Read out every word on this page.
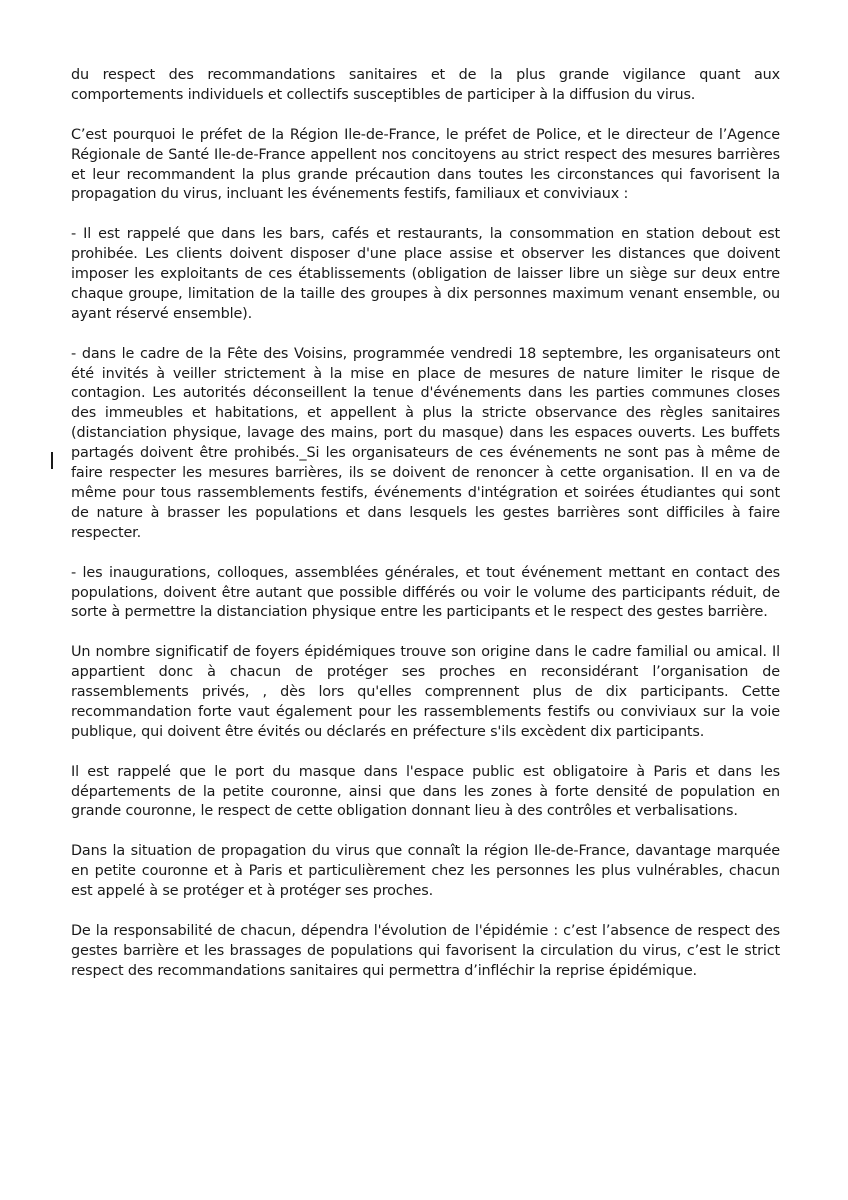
du respect des recommandations sanitaires et de la plus grande vigilance quant aux comportements individuels et collectifs susceptibles de participer à la diffusion du virus.

C’est pourquoi le préfet de la Région Ile-de-France, le préfet de Police, et le directeur de l’Agence Régionale de Santé Ile-de-France appellent nos concitoyens au strict respect des mesures barrières et leur recommandent la plus grande précaution dans toutes les circonstances qui favorisent la propagation du virus, incluant les événements festifs, familiaux et conviviaux :

- Il est rappelé que dans les bars, cafés et restaurants, la consommation en station debout est prohibée. Les clients doivent disposer d'une place assise et observer les distances que doivent imposer les exploitants de ces établissements (obligation de laisser libre un siège sur deux entre chaque groupe, limitation de la taille des groupes à dix personnes maximum venant ensemble, ou ayant réservé ensemble).

- dans le cadre de la Fête des Voisins, programmée vendredi 18 septembre, les organisateurs ont été invités à veiller strictement à la mise en place de mesures de nature limiter le risque de contagion. Les autorités déconseillent la tenue d'événements dans les parties communes closes des immeubles et habitations, et appellent à plus la stricte observance des règles sanitaires (distanciation physique, lavage des mains, port du masque) dans les espaces ouverts. Les buffets partagés doivent être prohibés._Si les organisateurs de ces événements ne sont pas à même de faire respecter les mesures barrières, ils se doivent de renoncer à cette organisation. Il en va de même pour tous rassemblements festifs, événements d'intégration et soirées étudiantes qui sont de nature à brasser les populations et dans lesquels les gestes barrières sont difficiles à faire respecter.

- les inaugurations, colloques, assemblées générales, et tout événement mettant en contact des populations, doivent être autant que possible différés ou voir le volume des participants réduit, de sorte à permettre la distanciation physique entre les participants et le respect des gestes barrière.

Un nombre significatif de foyers épidémiques trouve son origine dans le cadre familial ou amical. Il appartient donc à chacun de protéger ses proches en reconsidérant l’organisation de rassemblements privés, , dès lors qu'elles comprennent plus de dix participants. Cette recommandation forte vaut également pour les rassemblements festifs ou conviviaux sur la voie publique, qui doivent être évités ou déclarés en préfecture s'ils excèdent dix participants.

Il est rappelé que le port du masque dans l'espace public est obligatoire à Paris et dans les départements de la petite couronne, ainsi que dans les zones à forte densité de population en grande couronne, le respect de cette obligation donnant lieu à des contrôles et verbalisations.

Dans la situation de propagation du virus que connaît la région Ile-de-France, davantage marquée en petite couronne et à Paris et particulièrement chez les personnes les plus vulnérables, chacun est appelé à se protéger et à protéger ses proches.

De la responsabilité de chacun, dépendra l'évolution de l'épidémie : c’est l’absence de respect des gestes barrière et les brassages de populations qui favorisent la circulation du virus, c’est le strict respect des recommandations sanitaires qui permettra d’infléchir la reprise épidémique.
